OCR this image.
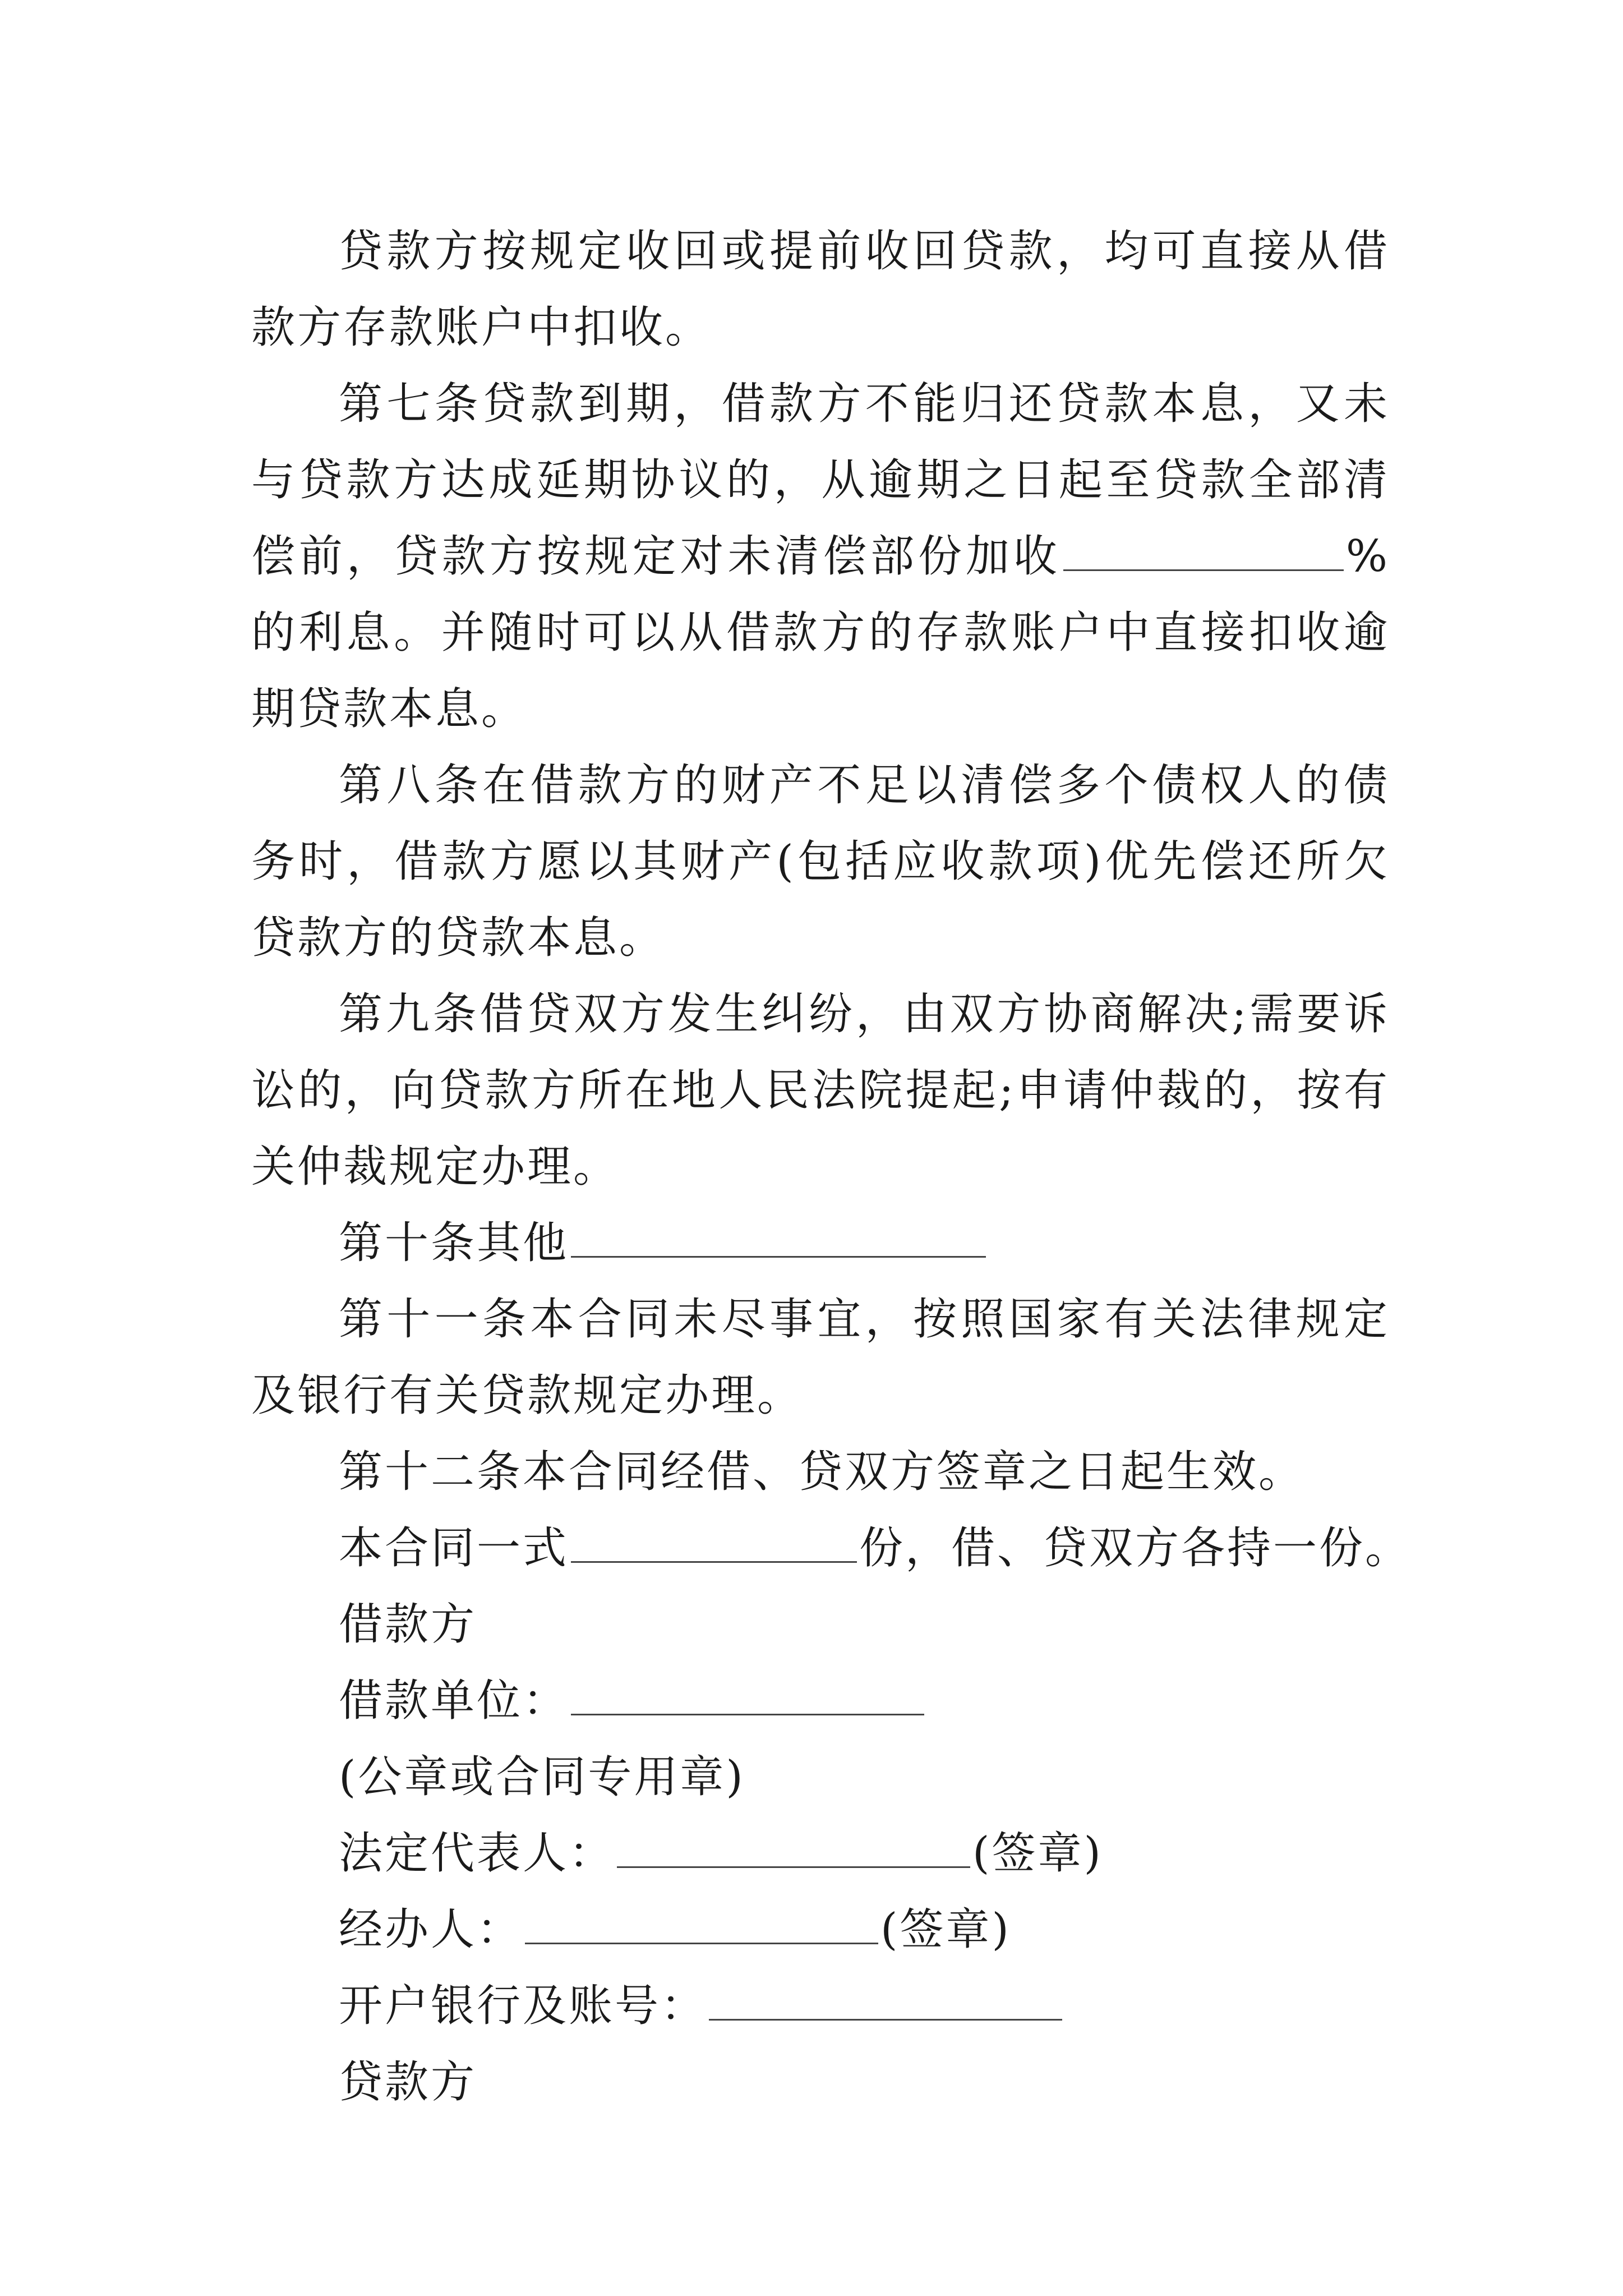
贷款方按规定收回或提前收回贷款，均可直接从借款方存款账户中扣收。

第七条贷款到期，借款方不能归还贷款本息，又未与贷款方达成延期协议的，从逾期之日起至贷款全部清偿前，贷款方按规定对未清偿部份加收	%的利息。并随时可以从借款方的存款账户中直接扣收逾期贷款本息。

第八条在借款方的财产不足以清偿多个债权人的债务时，借款方愿以其财产(包括应收款项)优先偿还所欠贷款方的贷款本息。

第九条借贷双方发生纠纷，由双方协商解决;需要诉讼的，向贷款方所在地人民法院提起;申请仲裁的，按有关仲裁规定办理。

第十条其他

第十一条本合同未尽事宜，按照国家有关法律规定及银行有关贷款规定办理。

第十二条本合同经借、贷双方签章之日起生效。

本合同一式	份，借、贷双方各持一份。

借款方

借款单位：

(公章或合同专用章)

法定代表人：	(签章)

经办人：	(签章)

开户银行及账号：

贷款方
